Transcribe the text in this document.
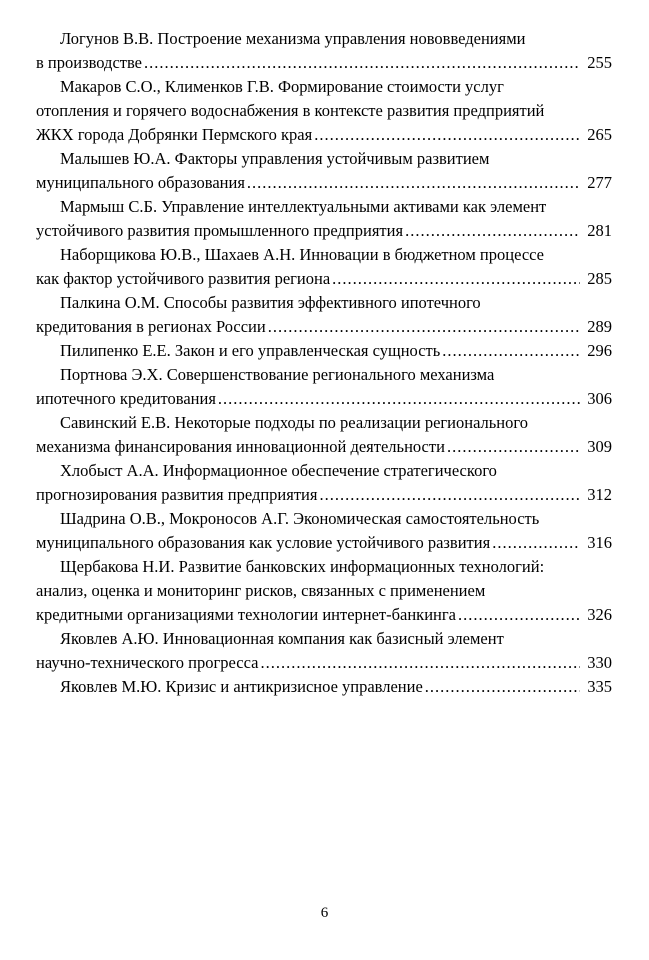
Логунов В.В. Построение механизма управления нововведениями
в производстве .....	255
Макаров С.О., Клименков Г.В. Формирование стоимости услуг
отопления и горячего водоснабжения в контексте развития предприятий
ЖКХ города Добрянки Пермского края .....	265
Малышев Ю.А. Факторы управления устойчивым развитием
муниципального образования .....	277
Мармыш С.Б. Управление интеллектуальными активами как элемент
устойчивого развития промышленного предприятия .....	281
Наборщикова Ю.В., Шахаев А.Н. Инновации в бюджетном процессе
как фактор устойчивого развития региона .....	285
Палкина О.М. Способы развития эффективного ипотечного
кредитования в регионах России .....	289
Пилипенко Е.Е. Закон и его управленческая сущность .....	296
Портнова Э.Х. Совершенствование регионального механизма
ипотечного кредитования .....	306
Савинский Е.В. Некоторые подходы по реализации регионального
механизма финансирования инновационной деятельности .....	309
Хлобыст А.А. Информационное обеспечение стратегического
прогнозирования развития предприятия .....	312
Шадрина О.В., Мокроносов А.Г. Экономическая самостоятельность
муниципального образования как условие устойчивого развития .....	316
Щербакова Н.И. Развитие банковских информационных технологий:
анализ, оценка и мониторинг рисков, связанных с применением
кредитными организациями технологии интернет-банкинга .....	326
Яковлев А.Ю. Инновационная компания как базисный элемент
научно-технического прогресса .....	330
Яковлев М.Ю. Кризис и антикризисное управление .....	335
6
